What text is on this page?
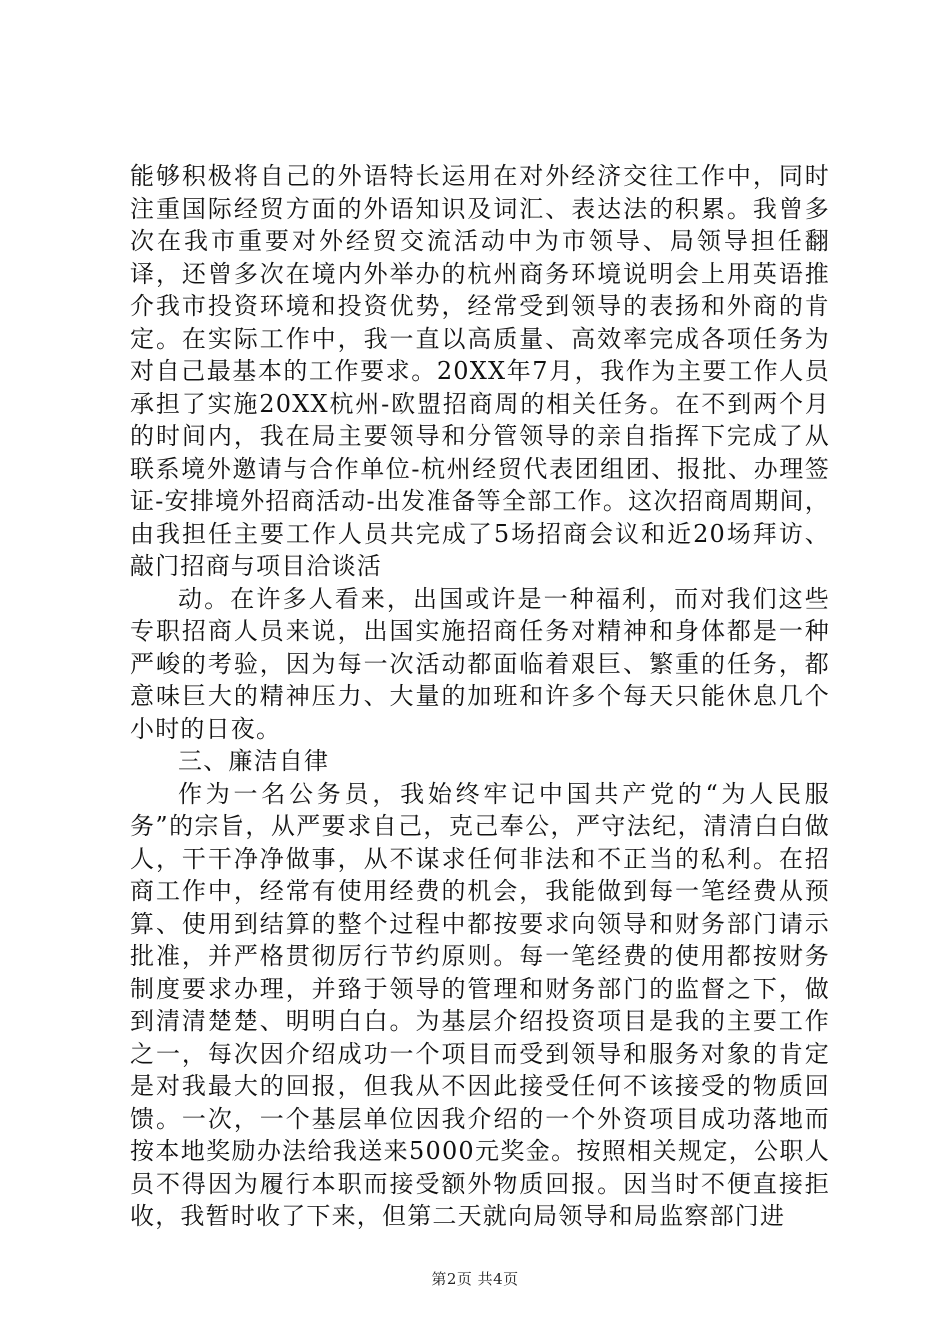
能够积极将自己的外语特长运用在对外经济交往工作中，同时注重国际经贸方面的外语知识及词汇、表达法的积累。我曾多次在我市重要对外经贸交流活动中为市领导、局领导担任翻译，还曾多次在境内外举办的杭州商务环境说明会上用英语推介我市投资环境和投资优势，经常受到领导的表扬和外商的肯定。在实际工作中，我一直以高质量、高效率完成各项任务为对自己最基本的工作要求。20XX年7月，我作为主要工作人员承担了实施20XX杭州-欧盟招商周的相关任务。在不到两个月的时间内，我在局主要领导和分管领导的亲自指挥下完成了从联系境外邀请与合作单位-杭州经贸代表团组团、报批、办理签证-安排境外招商活动-出发准备等全部工作。这次招商周期间，由我担任主要工作人员共完成了5场招商会议和近20场拜访、敲门招商与项目洽谈活

动。在许多人看来，出国或许是一种福利，而对我们这些专职招商人员来说，出国实施招商任务对精神和身体都是一种严峻的考验，因为每一次活动都面临着艰巨、繁重的任务，都意味巨大的精神压力、大量的加班和许多个每天只能休息几个小时的日夜。

三、廉洁自律

作为一名公务员，我始终牢记中国共产党的“为人民服务”的宗旨，从严要求自己，克己奉公，严守法纪，清清白白做人，干干净净做事，从不谋求任何非法和不正当的私利。在招商工作中，经常有使用经费的机会，我能做到每一笔经费从预算、使用到结算的整个过程中都按要求向领导和财务部门请示批准，并严格贯彻厉行节约原则。每一笔经费的使用都按财务制度要求办理，并臵于领导的管理和财务部门的监督之下，做到清清楚楚、明明白白。为基层介绍投资项目是我的主要工作之一，每次因介绍成功一个项目而受到领导和服务对象的肯定是对我最大的回报，但我从不因此接受任何不该接受的物质回馈。一次，一个基层单位因我介绍的一个外资项目成功落地而按本地奖励办法给我送来5000元奖金。按照相关规定，公职人员不得因为履行本职而接受额外物质回报。因当时不便直接拒收，我暂时收了下来，但第二天就向局领导和局监察部门进

第2页 共4页
